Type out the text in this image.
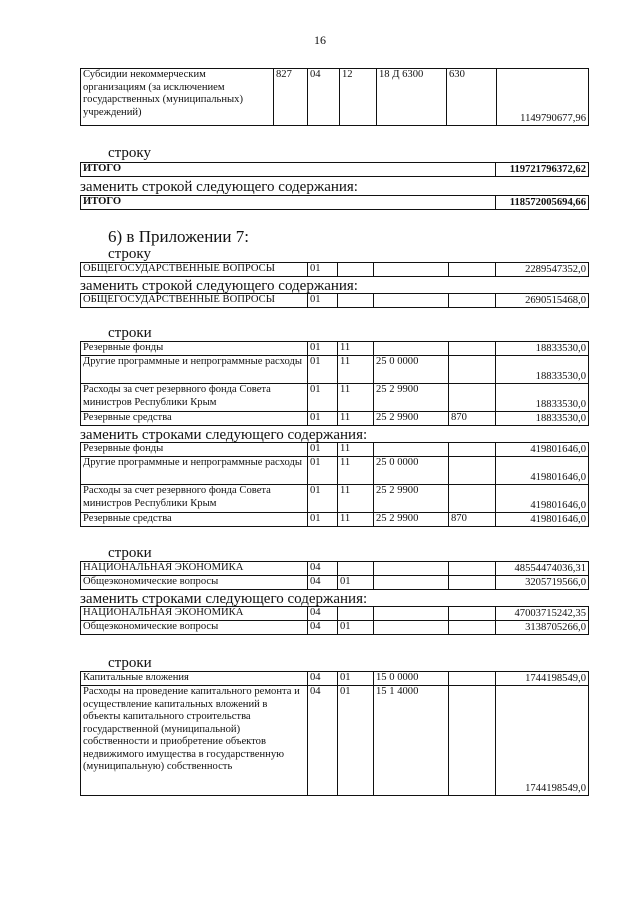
16
Субсидии некоммерческим организациям (за исключением государственных (муниципальных) учреждений)	827	04	12	18 Д 6300	630	1149790677,96
строку
ИТОГО	119721796372,62
заменить строкой следующего содержания:
ИТОГО	118572005694,66
6) в Приложении 7:
строку
ОБЩЕГОСУДАРСТВЕННЫЕ ВОПРОСЫ	01				2289547352,0
заменить строкой следующего содержания:
ОБЩЕГОСУДАРСТВЕННЫЕ ВОПРОСЫ	01				2690515468,0
строки
Резервные фонды	01	11			18833530,0
Другие программные и непрограммные расходы	01	11	25 0 0000		18833530,0
Расходы за счет резервного фонда Совета министров Республики Крым	01	11	25 2 9900		18833530,0
Резервные средства	01	11	25 2 9900	870	18833530,0
заменить строками следующего содержания:
Резервные фонды	01	11			419801646,0
Другие программные и непрограммные расходы	01	11	25 0 0000		419801646,0
Расходы за счет резервного фонда Совета министров Республики Крым	01	11	25 2 9900		419801646,0
Резервные средства	01	11	25 2 9900	870	419801646,0
строки
НАЦИОНАЛЬНАЯ ЭКОНОМИКА	04				48554474036,31
Общеэкономические вопросы	04	01			3205719566,0
заменить строками следующего содержания:
НАЦИОНАЛЬНАЯ ЭКОНОМИКА	04				47003715242,35
Общеэкономические вопросы	04	01			3138705266,0
строки
Капитальные вложения	04	01	15 0 0000		1744198549,0
Расходы на проведение капитального ремонта и осуществление капитальных вложений в объекты капитального строительства государственной (муниципальной) собственности и приобретение объектов недвижимого имущества в государственную (муниципальную) собственность	04	01	15 1 4000		1744198549,0
